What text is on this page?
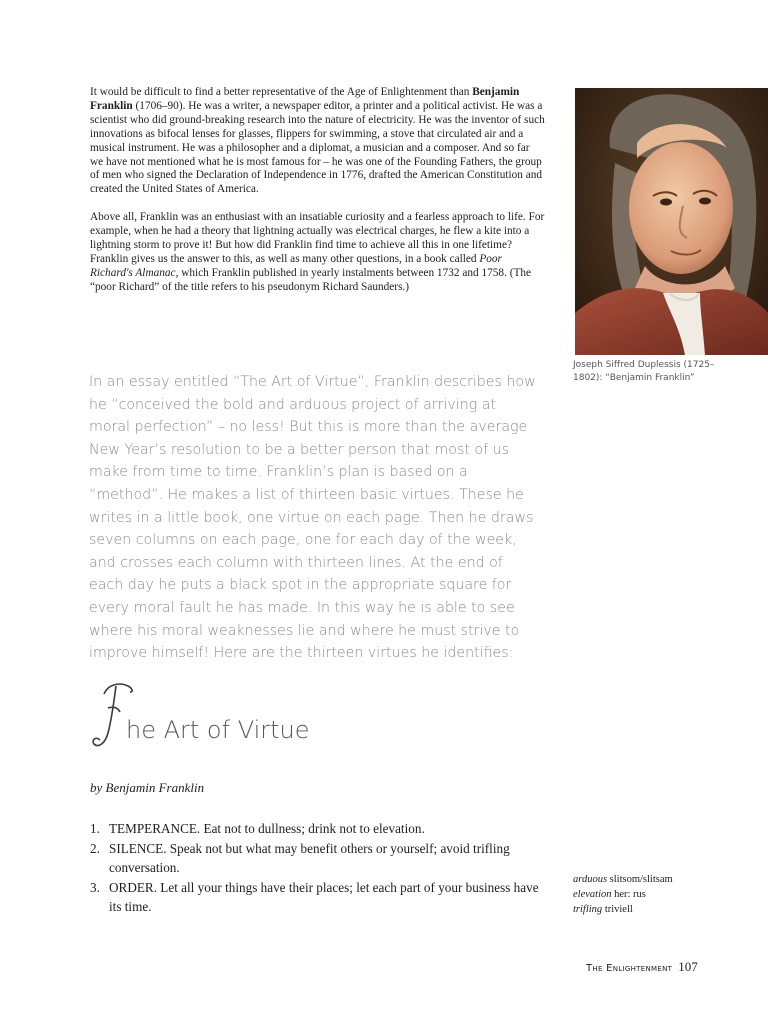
It would be difficult to find a better representative of the Age of Enlightenment than Benjamin Franklin (1706–90). He was a writer, a newspaper editor, a printer and a political activist. He was a scientist who did ground-breaking research into the nature of electricity. He was the inventor of such innovations as bifocal lenses for glasses, flippers for swimming, a stove that circulated air and a musical instrument. He was a philosopher and a diplomat, a musician and a composer. And so far we have not mentioned what he is most famous for – he was one of the Founding Fathers, the group of men who signed the Declaration of Independence in 1776, drafted the American Constitution and created the United States of America.

Above all, Franklin was an enthusiast with an insatiable curiosity and a fearless approach to life. For example, when he had a theory that lightning actually was electrical charges, he flew a kite into a lightning storm to prove it! But how did Franklin find time to achieve all this in one lifetime? Franklin gives us the answer to this, as well as many other questions, in a book called Poor Richard's Almanac, which Franklin published in yearly instalments between 1732 and 1758. (The “poor Richard” of the title refers to his pseudonym Richard Saunders.)

Joseph Siffred Duplessis (1725–1802): “Benjamin Franklin”
In an essay entitled “The Art of Virtue”, Franklin describes how he “conceived the bold and arduous project of arriving at moral perfection” – no less! But this is more than the average New Year’s resolution to be a better person that most of us make from time to time. Franklin’s plan is based on a “method”. He makes a list of thirteen basic virtues. These he writes in a little book, one virtue on each page. Then he draws seven columns on each page, one for each day of the week, and crosses each column with thirteen lines. At the end of each day he puts a black spot in the appropriate square for every moral fault he has made. In this way he is able to see where his moral weaknesses lie and where he must strive to improve himself! Here are the thirteen virtues he identifies:
he Art of Virtue
by Benjamin Franklin
1. TEMPERANCE. Eat not to dullness; drink not to elevation.
2. SILENCE. Speak not but what may benefit others or yourself; avoid trifling conversation.
3. ORDER. Let all your things have their places; let each part of your business have its time.
arduous slitsom/slitsam
elevation her: rus
trifling triviell
The Enlightenment 107
